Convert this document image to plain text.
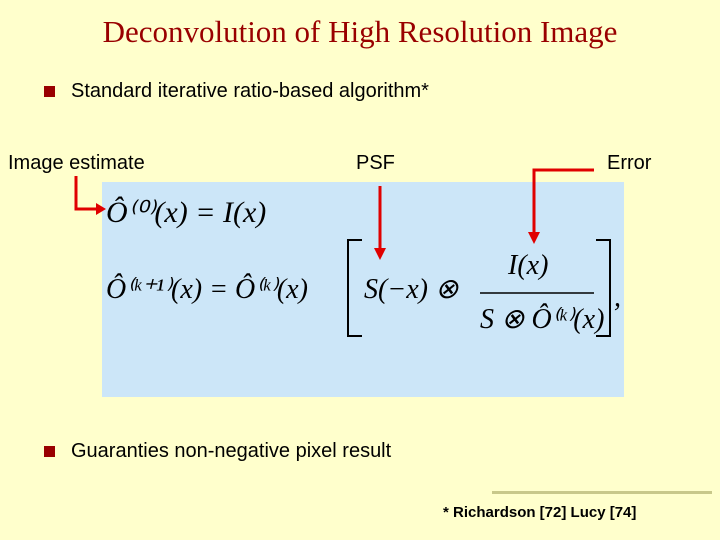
Deconvolution of High Resolution Image
Standard iterative ratio-based algorithm*
Image estimate	PSF	Error
Ô⁽⁰⁾(x) = I(x)
Ô⁽ᵏ⁺¹⁾(x) = Ô⁽ᵏ⁾(x) S(−x) ⊗
I(x)
S ⊗ Ô⁽ᵏ⁾(x)
,
Guaranties non-negative pixel result
* Richardson [72] Lucy [74]
